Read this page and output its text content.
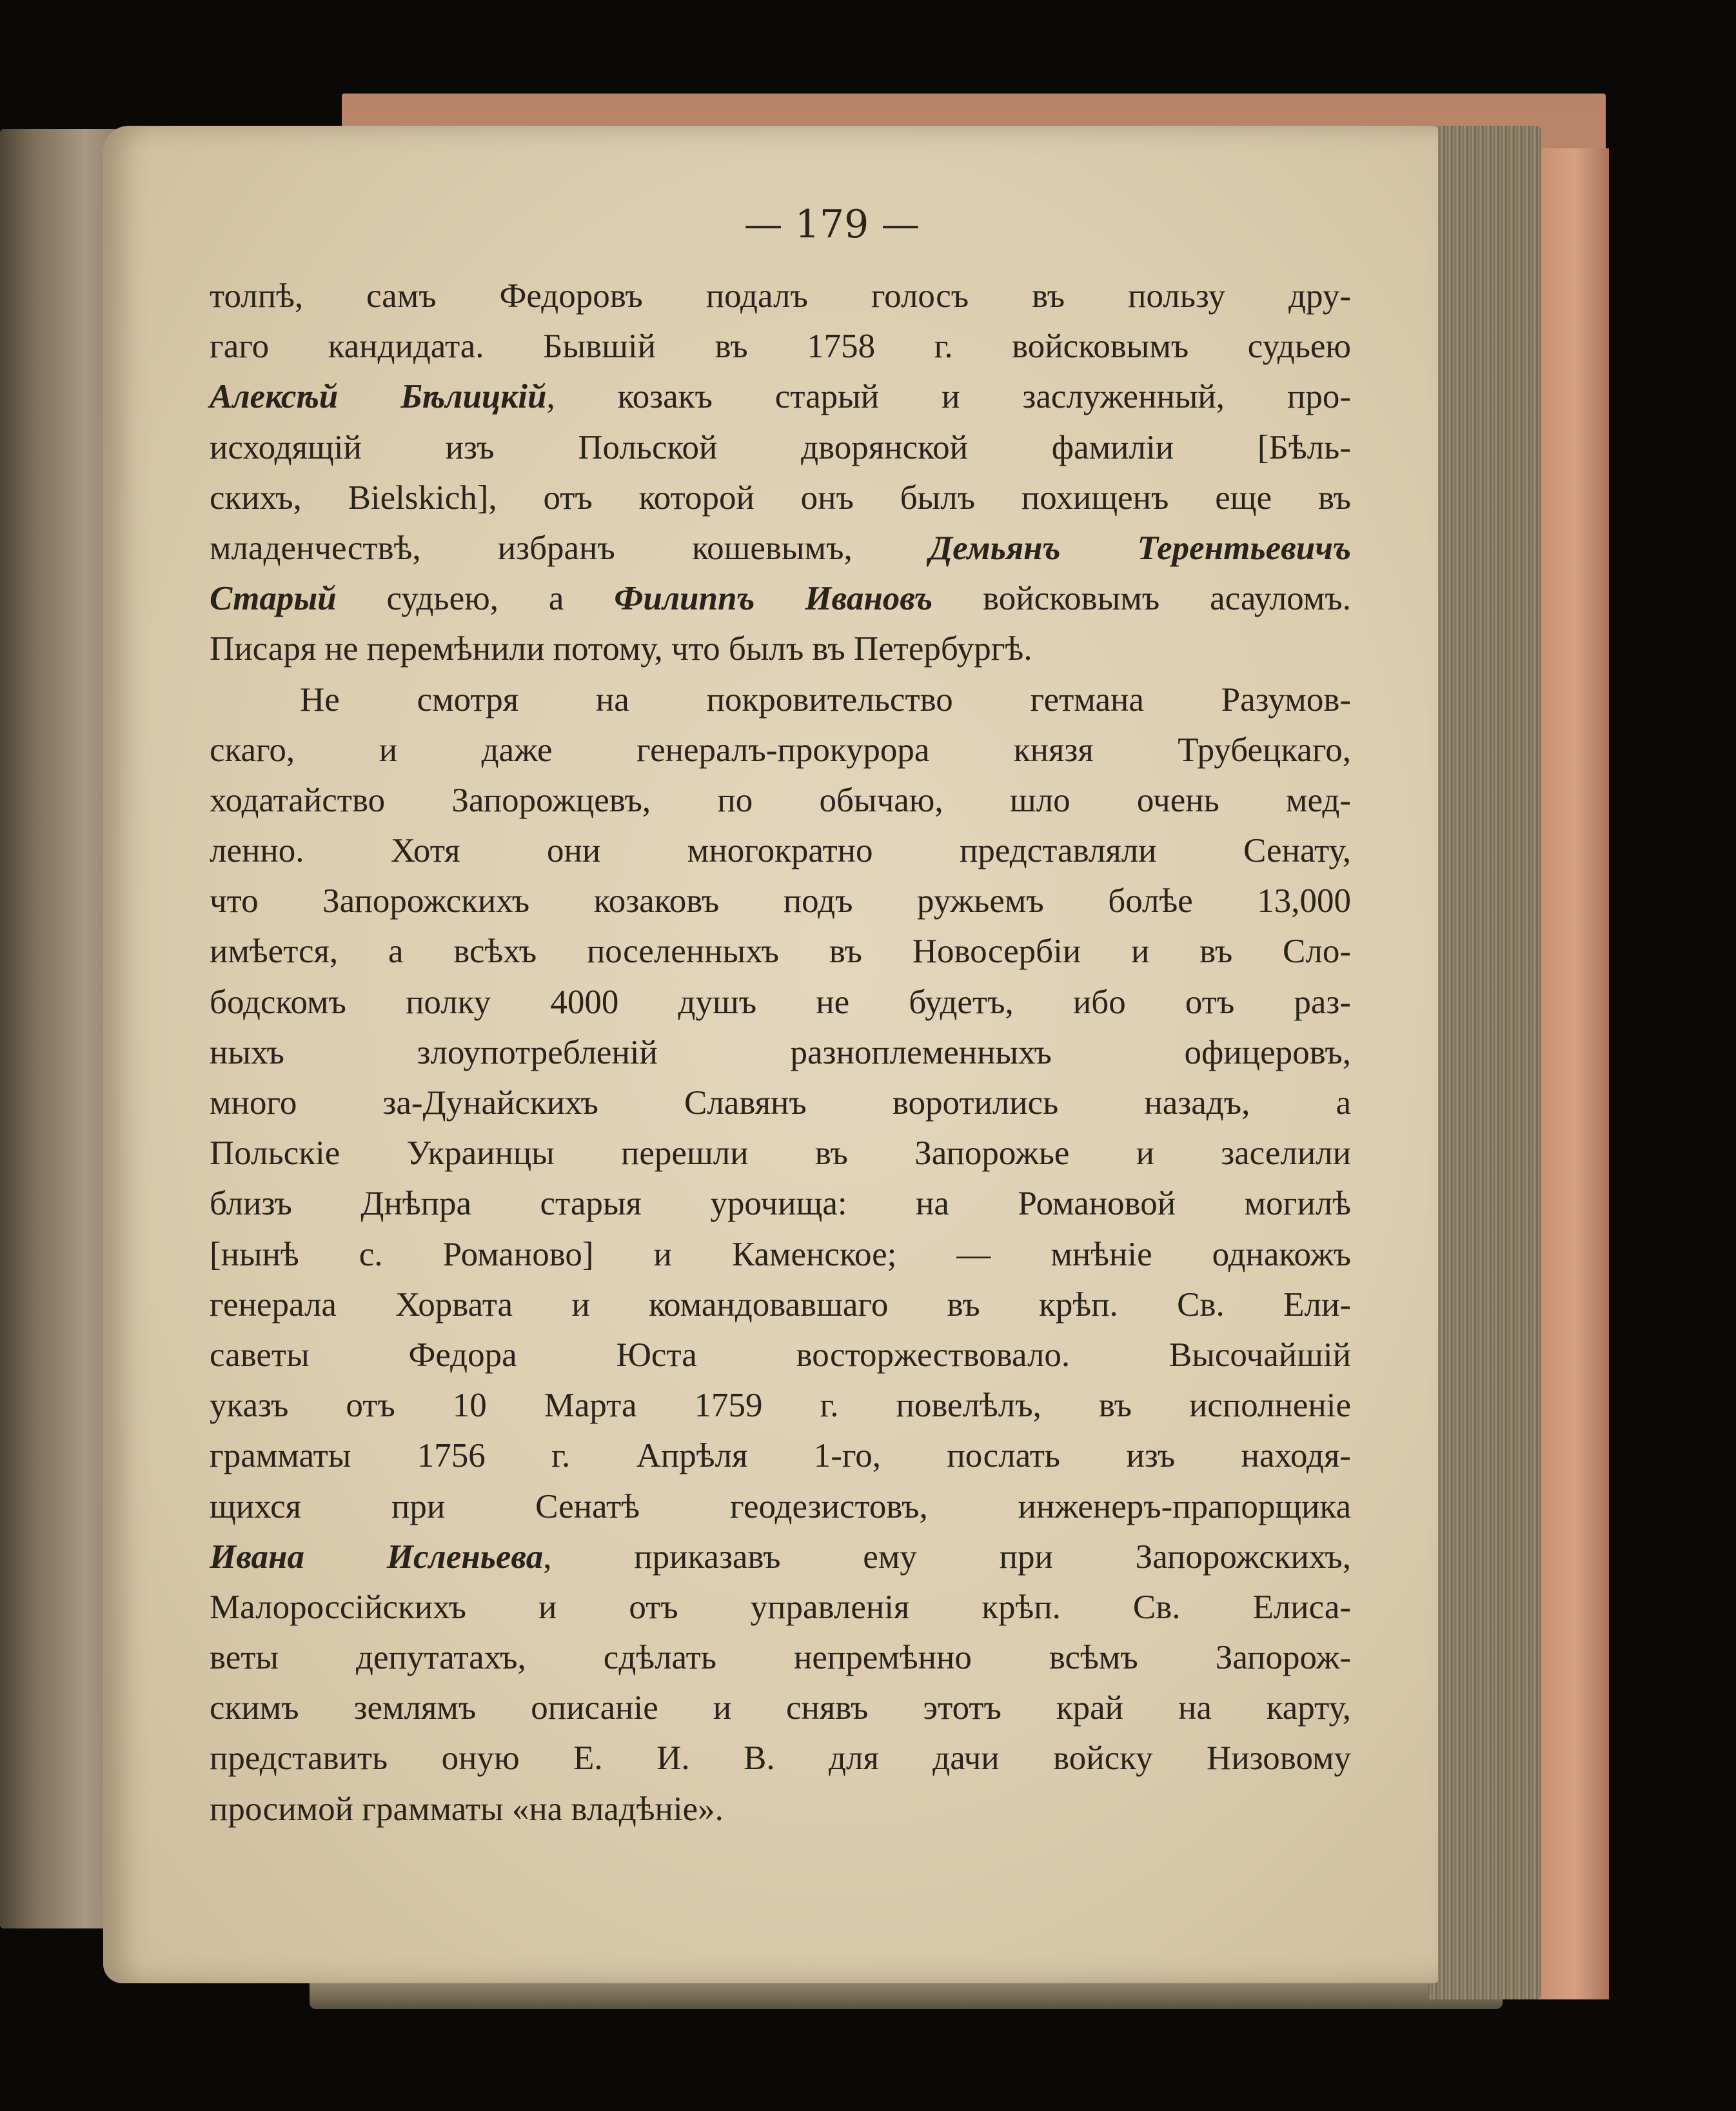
— 179 —
толпѣ, самъ Федоровъ подалъ голосъ въ пользу дру-
гаго кандидата. Бывшій въ 1758 г. войсковымъ судьею
Алексѣй Бѣлицкій, козакъ старый и заслуженный, про-
исходящій изъ Польской дворянской фамиліи [Бѣль-
скихъ, Bielskich], отъ которой онъ былъ похищенъ еще въ
младенчествѣ, избранъ кошевымъ, Демьянъ Терентьевичъ
Старый судьею, а Филиппъ Ивановъ войсковымъ асауломъ.
Писаря не перемѣнили потому, что былъ въ Петербургѣ.
Не смотря на покровительство гетмана Разумов-
скаго, и даже генералъ-прокурора князя Трубецкаго,
ходатайство Запорожцевъ, по обычаю, шло очень мед-
ленно. Хотя они многократно представляли Сенату,
что Запорожскихъ козаковъ подъ ружьемъ болѣе 13,000
имѣется, а всѣхъ поселенныхъ въ Новосербіи и въ Сло-
бодскомъ полку 4000 душъ не будетъ, ибо отъ раз-
ныхъ злоупотребленій разноплеменныхъ офицеровъ,
много за-Дунайскихъ Славянъ воротились назадъ, а
Польскіе Украинцы перешли въ Запорожье и заселили
близъ Днѣпра старыя урочища: на Романовой могилѣ
[нынѣ с. Романово] и Каменское; — мнѣніе однакожъ
генерала Хорвата и командовавшаго въ крѣп. Св. Ели-
саветы Федора Юста восторжествовало. Высочайшій
указъ отъ 10 Марта 1759 г. повелѣлъ, въ исполненіе
грамматы 1756 г. Апрѣля 1-го, послать изъ находя-
щихся при Сенатѣ геодезистовъ, инженеръ-прапорщика
Ивана Исленьева, приказавъ ему при Запорожскихъ,
Малороссійскихъ и отъ управленія крѣп. Св. Елиса-
веты депутатахъ, сдѣлать непремѣнно всѣмъ Запорож-
скимъ землямъ описаніе и снявъ этотъ край на карту,
представить оную Е. И. В. для дачи войску Низовому
просимой грамматы «на владѣніе».
